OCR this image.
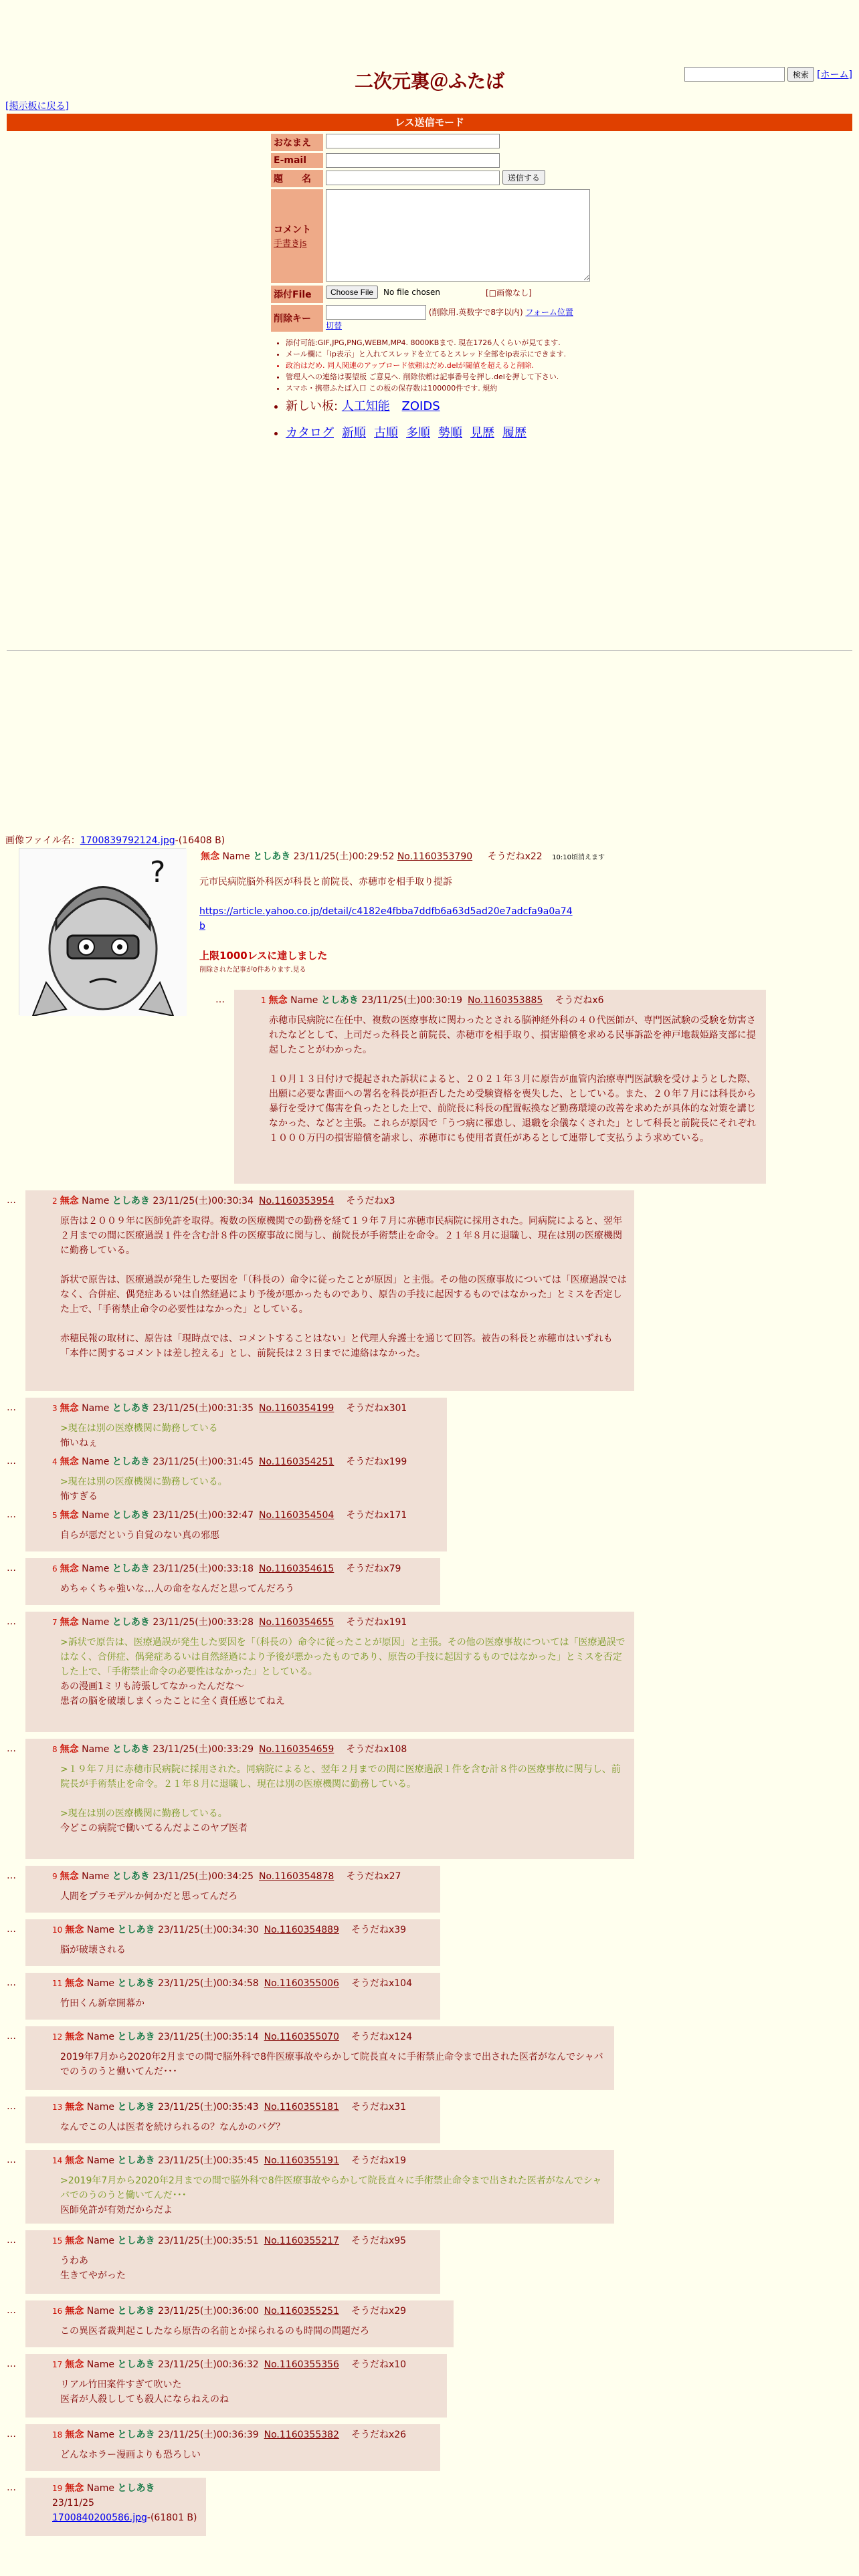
二次元裏＠ふたば	検索 [ホーム]
[掲示板に戻る]
レス送信モード
おなまえ
E-mail
題　　名	送信する
コメント
手書きjs
添付File	Choose File	No file chosen	[□画像なし]
削除キー
(削除用.英数字で8字以内) フォーム位置
切替
• 添付可能:GIF,JPG,PNG,WEBM,MP4. 8000KBまで. 現在1726人くらいが見てます.
• メール欄に「ip表示」と入れてスレッドを立てるとスレッド全部をip表示にできます.
• 政治はだめ. 同人関連のアップロード依頼はだめ.delが閾値を超えると削除.
• 管理人への連絡は要望板 ご意見へ. 削除依頼は記事番号を押し.delを押して下さい.
• スマホ・携帯ふたば入口 この板の保存数は100000件です. 規約
• 新しい板: 人工知能 ZOIDS
• カタログ 新順 古順 多順 勢順 見歴 履歴
画像ファイル名：1700839792124.jpg-(16408 B)
?	無念 Name としあき 23/11/25(土)00:29:52 No.1160353790 そうだねx22 10:10頃消えます

元市民病院脳外科医が科長と前院長、赤穂市を相手取り提訴

https://article.yahoo.co.jp/detail/c4182e4fbba7ddfb6a63d5ad20e7adcfa9a0a74b

上限1000レスに達しました
削除された記事が0件あります.見る
…	1 無念 Name としあき 23/11/25(土)00:30:19 No.1160353885 そうだねx6

赤穂市民病院に在任中、複数の医療事故に関わったとされる脳神経外科の４０代医師が、専門医試験の受験を妨害されたなどとして、上司だった科長と前院長、赤穂市を相手取り、損害賠償を求める民事訴訟を神戸地裁姫路支部に提起したことがわかった。

１０月１３日付けで提起された訴状によると、２０２１年３月に原告が血管内治療専門医試験を受けようとした際、出願に必要な書面への署名を科長が拒否したため受験資格を喪失した、としている。また、２０年７月には科長から暴行を受けて傷害を負ったとした上で、前院長に科長の配置転換など勤務環境の改善を求めたが具体的な対策を講じなかった、などと主張。これらが原因で「うつ病に罹患し、退職を余儀なくされた」として科長と前院長にそれぞれ１０００万円の損害賠償を請求し、赤穂市にも使用者責任があるとして連帯して支払うよう求めている。

…	2 無念 Name としあき 23/11/25(土)00:30:34 No.1160353954 そうだねx3

原告は２００９年に医師免許を取得。複数の医療機関での勤務を経て１９年７月に赤穂市民病院に採用された。同病院によると、翌年２月までの間に医療過誤１件を含む計８件の医療事故に関与し、前院長が手術禁止を命令。２１年８月に退職し、現在は別の医療機関に勤務している。

訴状で原告は、医療過誤が発生した要因を「（科長の）命令に従ったことが原因」と主張。その他の医療事故については「医療過誤ではなく、合併症、偶発症あるいは自然経過により予後が悪かったものであり、原告の手技に起因するものではなかった」とミスを否定した上で、「手術禁止命令の必要性はなかった」としている。

赤穂民報の取材に、原告は「現時点では、コメントすることはない」と代理人弁護士を通じて回答。被告の科長と赤穂市はいずれも「本件に関するコメントは差し控える」とし、前院長は２３日までに連絡はなかった。

…	3 無念 Name としあき 23/11/25(土)00:31:35 No.1160354199 そうだねx301

>現在は別の医療機関に勤務している

怖いねぇ

…	4 無念 Name としあき 23/11/25(土)00:31:45 No.1160354251 そうだねx199

>現在は別の医療機関に勤務している。

怖すぎる

…	5 無念 Name としあき 23/11/25(土)00:32:47 No.1160354504 そうだねx171

自らが悪だという自覚のない真の邪悪

…	6 無念 Name としあき 23/11/25(土)00:33:18 No.1160354615 そうだねx79

めちゃくちゃ強いな…人の命をなんだと思ってんだろう

…	7 無念 Name としあき 23/11/25(土)00:33:28 No.1160354655 そうだねx191

>訴状で原告は、医療過誤が発生した要因を「（科長の）命令に従ったことが原因」と主張。その他の医療事故については「医療過誤ではなく、合併症、偶発症あるいは自然経過により予後が悪かったものであり、原告の手技に起因するものではなかった」とミスを否定した上で、「手術禁止命令の必要性はなかった」としている。

あの漫画1ミリも誇張してなかったんだな～

患者の脳を破壊しまくったことに全く責任感じてねえ

…	8 無念 Name としあき 23/11/25(土)00:33:29 No.1160354659 そうだねx108

>１９年７月に赤穂市民病院に採用された。同病院によると、翌年２月までの間に医療過誤１件を含む計８件の医療事故に関与し、前院長が手術禁止を命令。２１年８月に退職し、現在は別の医療機関に勤務している。

>現在は別の医療機関に勤務している。

今どこの病院で働いてるんだよこのヤブ医者

…	9 無念 Name としあき 23/11/25(土)00:34:25 No.1160354878 そうだねx27

人間をプラモデルか何かだと思ってんだろ

…	10 無念 Name としあき 23/11/25(土)00:34:30 No.1160354889 そうだねx39

脳が破壊される

…	11 無念 Name としあき 23/11/25(土)00:34:58 No.1160355006 そうだねx104

竹田くん新章開幕か

…	12 無念 Name としあき 23/11/25(土)00:35:14 No.1160355070 そうだねx124

2019年7月から2020年2月までの間で脳外科で8件医療事故やらかして院長直々に手術禁止命令まで出された医者がなんでシャバでのうのうと働いてんだ･･･

…	13 無念 Name としあき 23/11/25(土)00:35:43 No.1160355181 そうだねx31

なんでこの人は医者を続けられるの？なんかのバグ？

…	14 無念 Name としあき 23/11/25(土)00:35:45 No.1160355191 そうだねx19

>2019年7月から2020年2月までの間で脳外科で8件医療事故やらかして院長直々に手術禁止命令まで出された医者がなんでシャバでのうのうと働いてんだ･･･

医師免許が有効だからだよ

…	15 無念 Name としあき 23/11/25(土)00:35:51 No.1160355217 そうだねx95

うわあ

生きてやがった

…	16 無念 Name としあき 23/11/25(土)00:36:00 No.1160355251 そうだねx29

この異医者裁判起こしたなら原告の名前とか採られるのも時間の問題だろ

…	17 無念 Name としあき 23/11/25(土)00:36:32 No.1160355356 そうだねx10

リアル竹田案件すぎて吹いた

医者が人殺ししても殺人にならねえのね

…	18 無念 Name としあき 23/11/25(土)00:36:39 No.1160355382 そうだねx26

どんなホラー漫画よりも恐ろしい

…	19 無念 Name としあき 23/11/25
1700840200586.jpg-(61801 B)
